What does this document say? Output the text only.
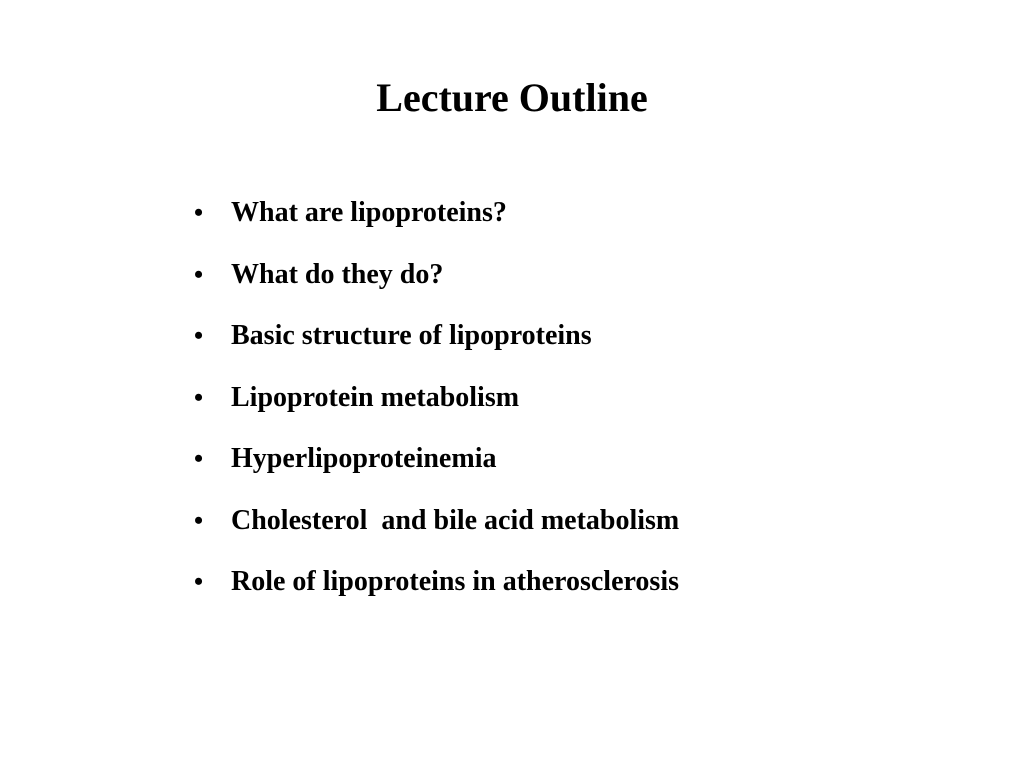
Lecture Outline
• What are lipoproteins?
• What do they do?
• Basic structure of lipoproteins
• Lipoprotein metabolism
• Hyperlipoproteinemia
• Cholesterol  and bile acid metabolism
• Role of lipoproteins in atherosclerosis
